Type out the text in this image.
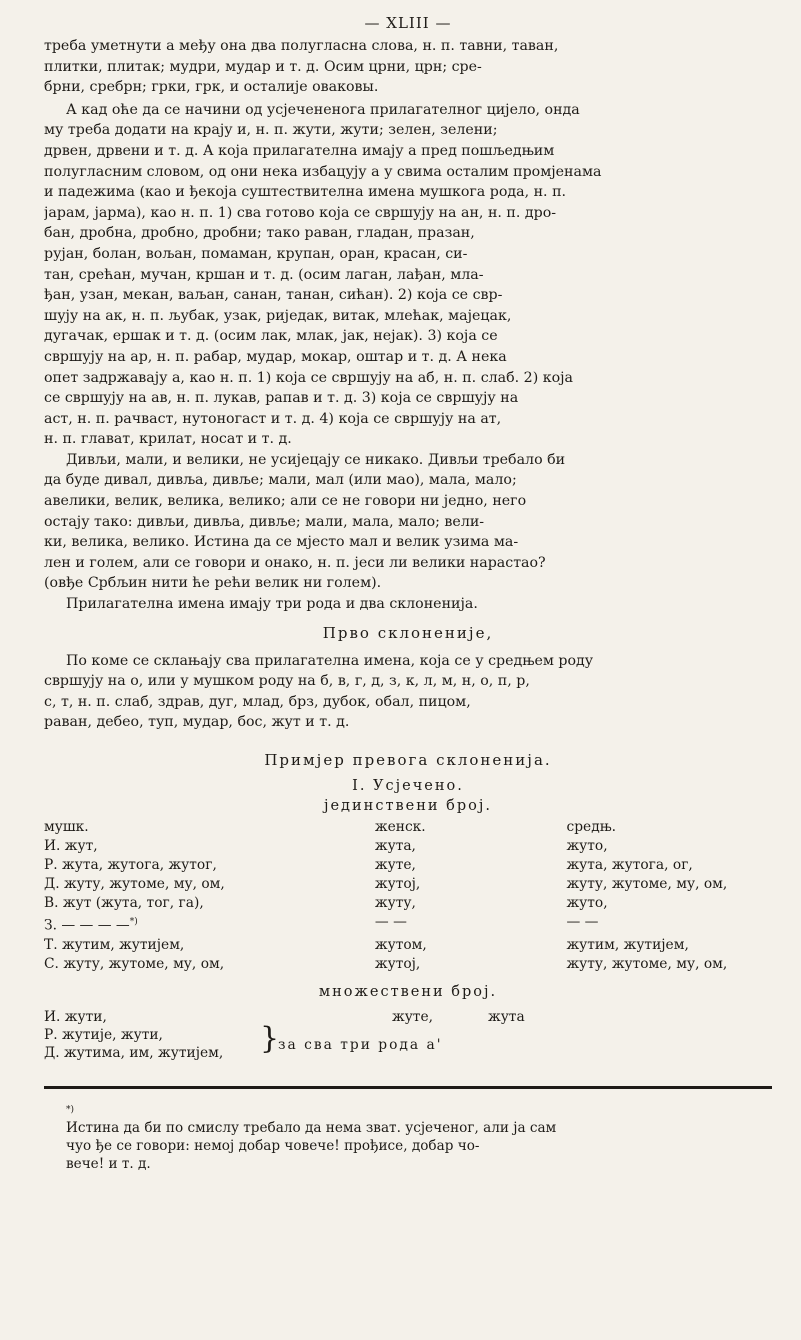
— XLIII —

треба уметнути а међу она два полугласна слова, н. п. тавни, таван,
плитки, плитак; мудри, мудар и т. д. Осим црни, црн; сре-
брни, сребрн; грки, грк, и осталије оваковы.

А кад оће да се начини од усјечененога прилагателног цијело, онда
му треба додати на крају и, н. п. жути, жути; зелен, зелени;
дрвен, дрвени и т. д. А која прилагателна имају а пред пошљедњим
полугласним словом, од они нека избацују а у свима осталим промјенама
и падежима (као и ђекоја суштествителна имена мушкога рода, н. п.
јарам, јарма), као н. п. 1) сва готово која се свршују на ан, н. п. дро-
бан, дробна, дробно, дробни; тако раван, гладан, празан,
рујан, болан, вољан, помаман, крупан, оран, красан, си-
тан, срећан, мучан, кршан и т. д. (осим лаган, лађан, мла-
ђан, узан, мекан, ваљан, санан, танан, сићан). 2) која се свр-
шују на ак, н. п. љубак, узак, риједак, витак, млећак, мајецак,
дугачак, ершак и т. д. (осим лак, млак, јак, нејак). 3) која се
свршују на ар, н. п. рабар, мудар, мокар, оштар и т. д. А нека
опет задржавају а, као н. п. 1) која се свршују на аб, н. п. слаб. 2) која
се свршују на ав, н. п. лукав, рапав и т. д. 3) која се свршују на
аст, н. п. рачваст, нутоногаст и т. д. 4) која се свршују на ат,
н. п. глават, крилат, носат и т. д.

Дивљи, мали, и велики, не усијецају се никако. Дивљи требало би
да буде дивал, дивља, дивље; мали, мал (или мао), мала, мало;
авелики, велик, велика, велико; али се не говори ни једно, него
остају тако: дивљи, дивља, дивље; мали, мала, мало; вели-
ки, велика, велико. Истина да се мјесто мал и велик узима ма-
лен и голем, али се говори и онако, н. п. јеси ли велики нарастао?
(овђе Србљин нити ће рећи велик ни голем).
Прилагателна имена имају три рода и два склоненија.

Прво склоненије,

По коме се склањају сва прилагателна имена, која се у средњем роду
свршују на о, или у мушком роду на б, в, г, д, з, к, л, м, н, о, п, р,
с, т, н. п. слаб, здрав, дуг, млад, брз, дубок, обал, пицом,
раван, дебео, туп, мудар, бос, жут и т. д.

Примјер превога склоненија.
I. Усјечено.
јединствени број.
мушк.	женск.	средњ.
И. жут,	жута,	жуто,
Р. жута, жутога, жутог,	жуте,	жута, жутога, ог,
Д. жуту, жутоме, му, ом,	жутој,	жуту, жутоме, му, ом,
В. жут (жута, тог, га),	жуту,	жуто,
З. — — — —*)	— —	— —
Т. жутим, жутијем,	жутом,	жутим, жутијем,
С. жуту, жутоме, му, ом,	жутој,	жуту, жутоме, му, ом,
множествени број.
И. жути,	жуте,	жута
Р. жутије, жути,
Д. жутима, им, жутијем, }
за сва три рода а'
*)
Истина да би по смислу требало да нема зват. усјеченог, али ја сам
чуо ђе се говори: немој добар човече! прођисе, добар чо-
вече! и т. д.
